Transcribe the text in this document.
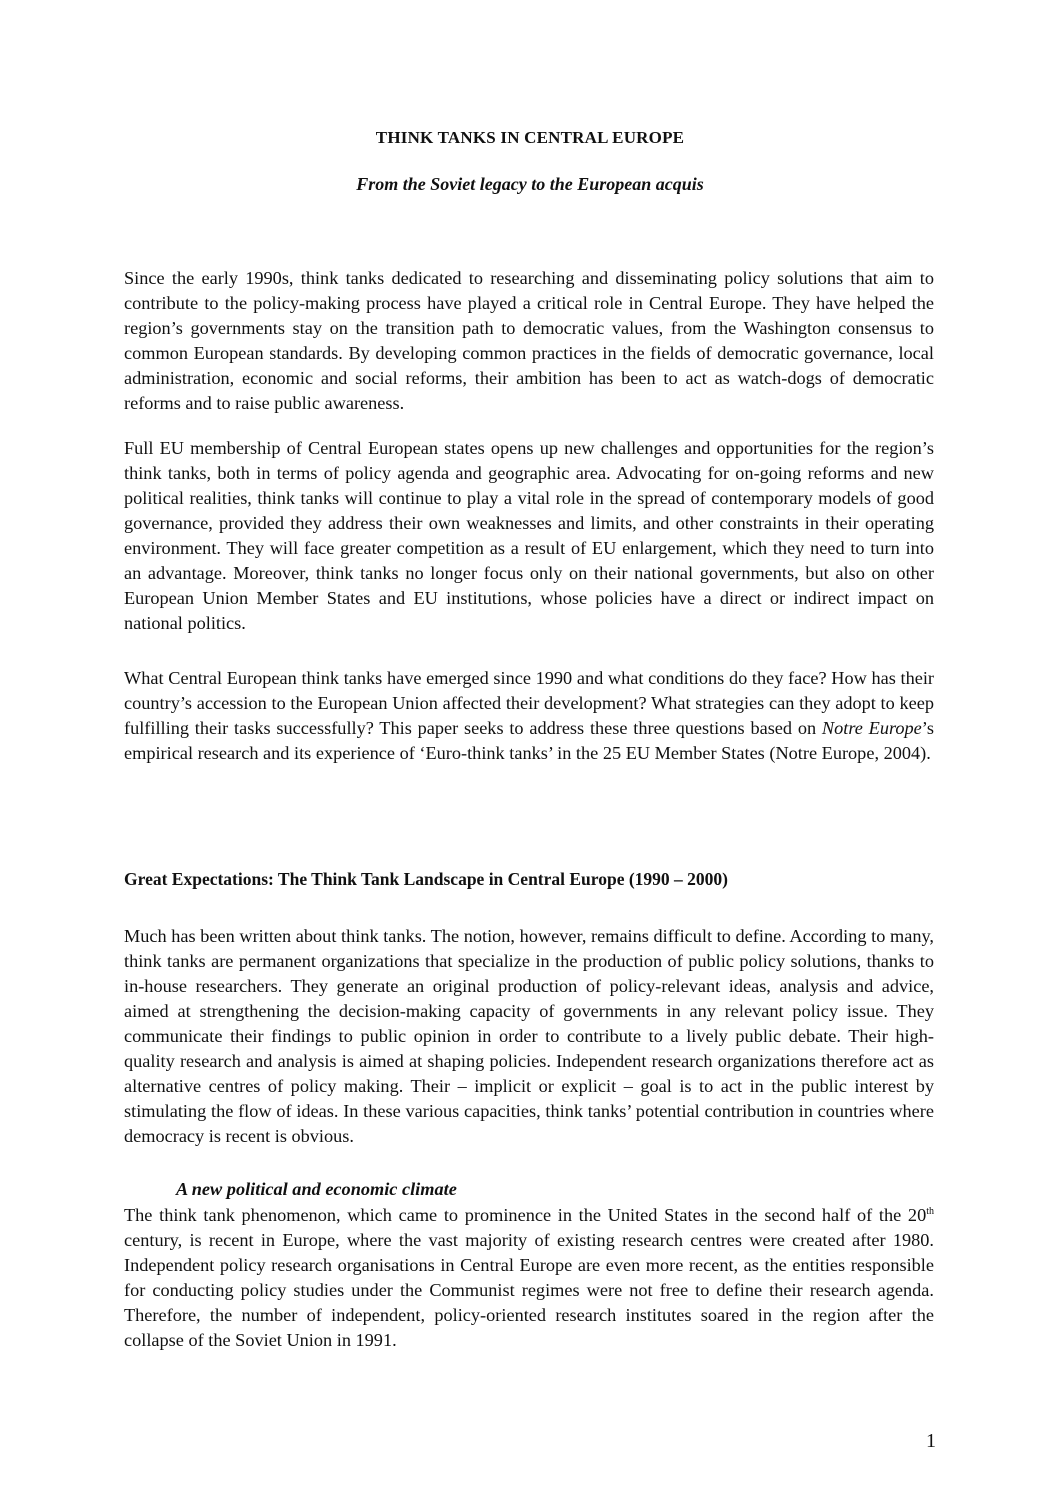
THINK TANKS IN CENTRAL EUROPE
From the Soviet legacy to the European acquis

Since the early 1990s, think tanks dedicated to researching and disseminating policy solutions that aim to contribute to the policy-making process have played a critical role in Central Europe. They have helped the region’s governments stay on the transition path to democratic values, from the Washington consensus to common European standards. By developing common practices in the fields of democratic governance, local administration, economic and social reforms, their ambition has been to act as watch-dogs of democratic reforms and to raise public awareness.

Full EU membership of Central European states opens up new challenges and opportunities for the region’s think tanks, both in terms of policy agenda and geographic area. Advocating for on-going reforms and new political realities, think tanks will continue to play a vital role in the spread of contemporary models of good governance, provided they address their own weaknesses and limits, and other constraints in their operating environment. They will face greater competition as a result of EU enlargement, which they need to turn into an advantage. Moreover, think tanks no longer focus only on their national governments, but also on other European Union Member States and EU institutions, whose policies have a direct or indirect impact on national politics.

What Central European think tanks have emerged since 1990 and what conditions do they face? How has their country’s accession to the European Union affected their development? What strategies can they adopt to keep fulfilling their tasks successfully? This paper seeks to address these three questions based on Notre Europe’s empirical research and its experience of ‘Euro-think tanks’ in the 25 EU Member States (Notre Europe, 2004).

Great Expectations: The Think Tank Landscape in Central Europe (1990 – 2000)

Much has been written about think tanks. The notion, however, remains difficult to define. According to many, think tanks are permanent organizations that specialize in the production of public policy solutions, thanks to in-house researchers. They generate an original production of policy-relevant ideas, analysis and advice, aimed at strengthening the decision-making capacity of governments in any relevant policy issue. They communicate their findings to public opinion in order to contribute to a lively public debate. Their high-quality research and analysis is aimed at shaping policies. Independent research organizations therefore act as alternative centres of policy making. Their – implicit or explicit – goal is to act in the public interest by stimulating the flow of ideas. In these various capacities, think tanks’ potential contribution in countries where democracy is recent is obvious.

A new political and economic climate

The think tank phenomenon, which came to prominence in the United States in the second half of the 20th century, is recent in Europe, where the vast majority of existing research centres were created after 1980. Independent policy research organisations in Central Europe are even more recent, as the entities responsible for conducting policy studies under the Communist regimes were not free to define their research agenda. Therefore, the number of independent, policy-oriented research institutes soared in the region after the collapse of the Soviet Union in 1991.

1
